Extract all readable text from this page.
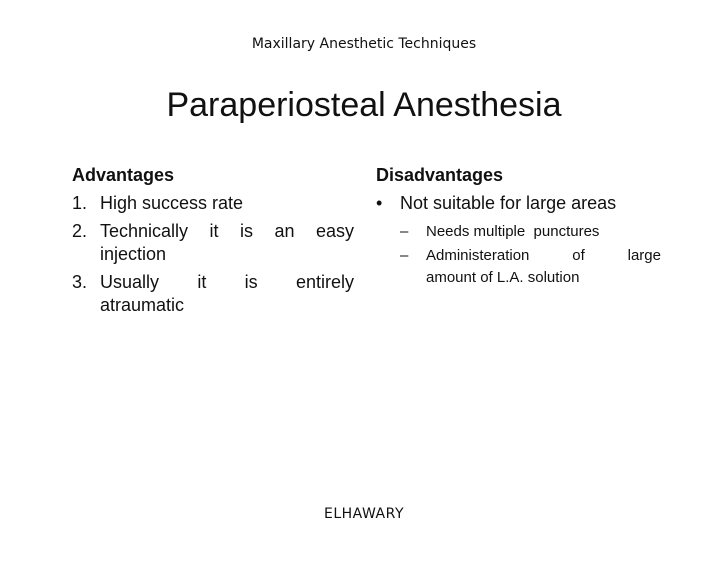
Maxillary Anesthetic Techniques
Paraperiosteal Anesthesia
Advantages
1. High success rate
2. Technically it is an easy
injection
3. Usually it is entirely
atraumatic
Disadvantages
• Not suitable for large areas
–	Needs multiple  punctures
–	Administeration	of	large
amount of L.A. solution
ELHAWARY
